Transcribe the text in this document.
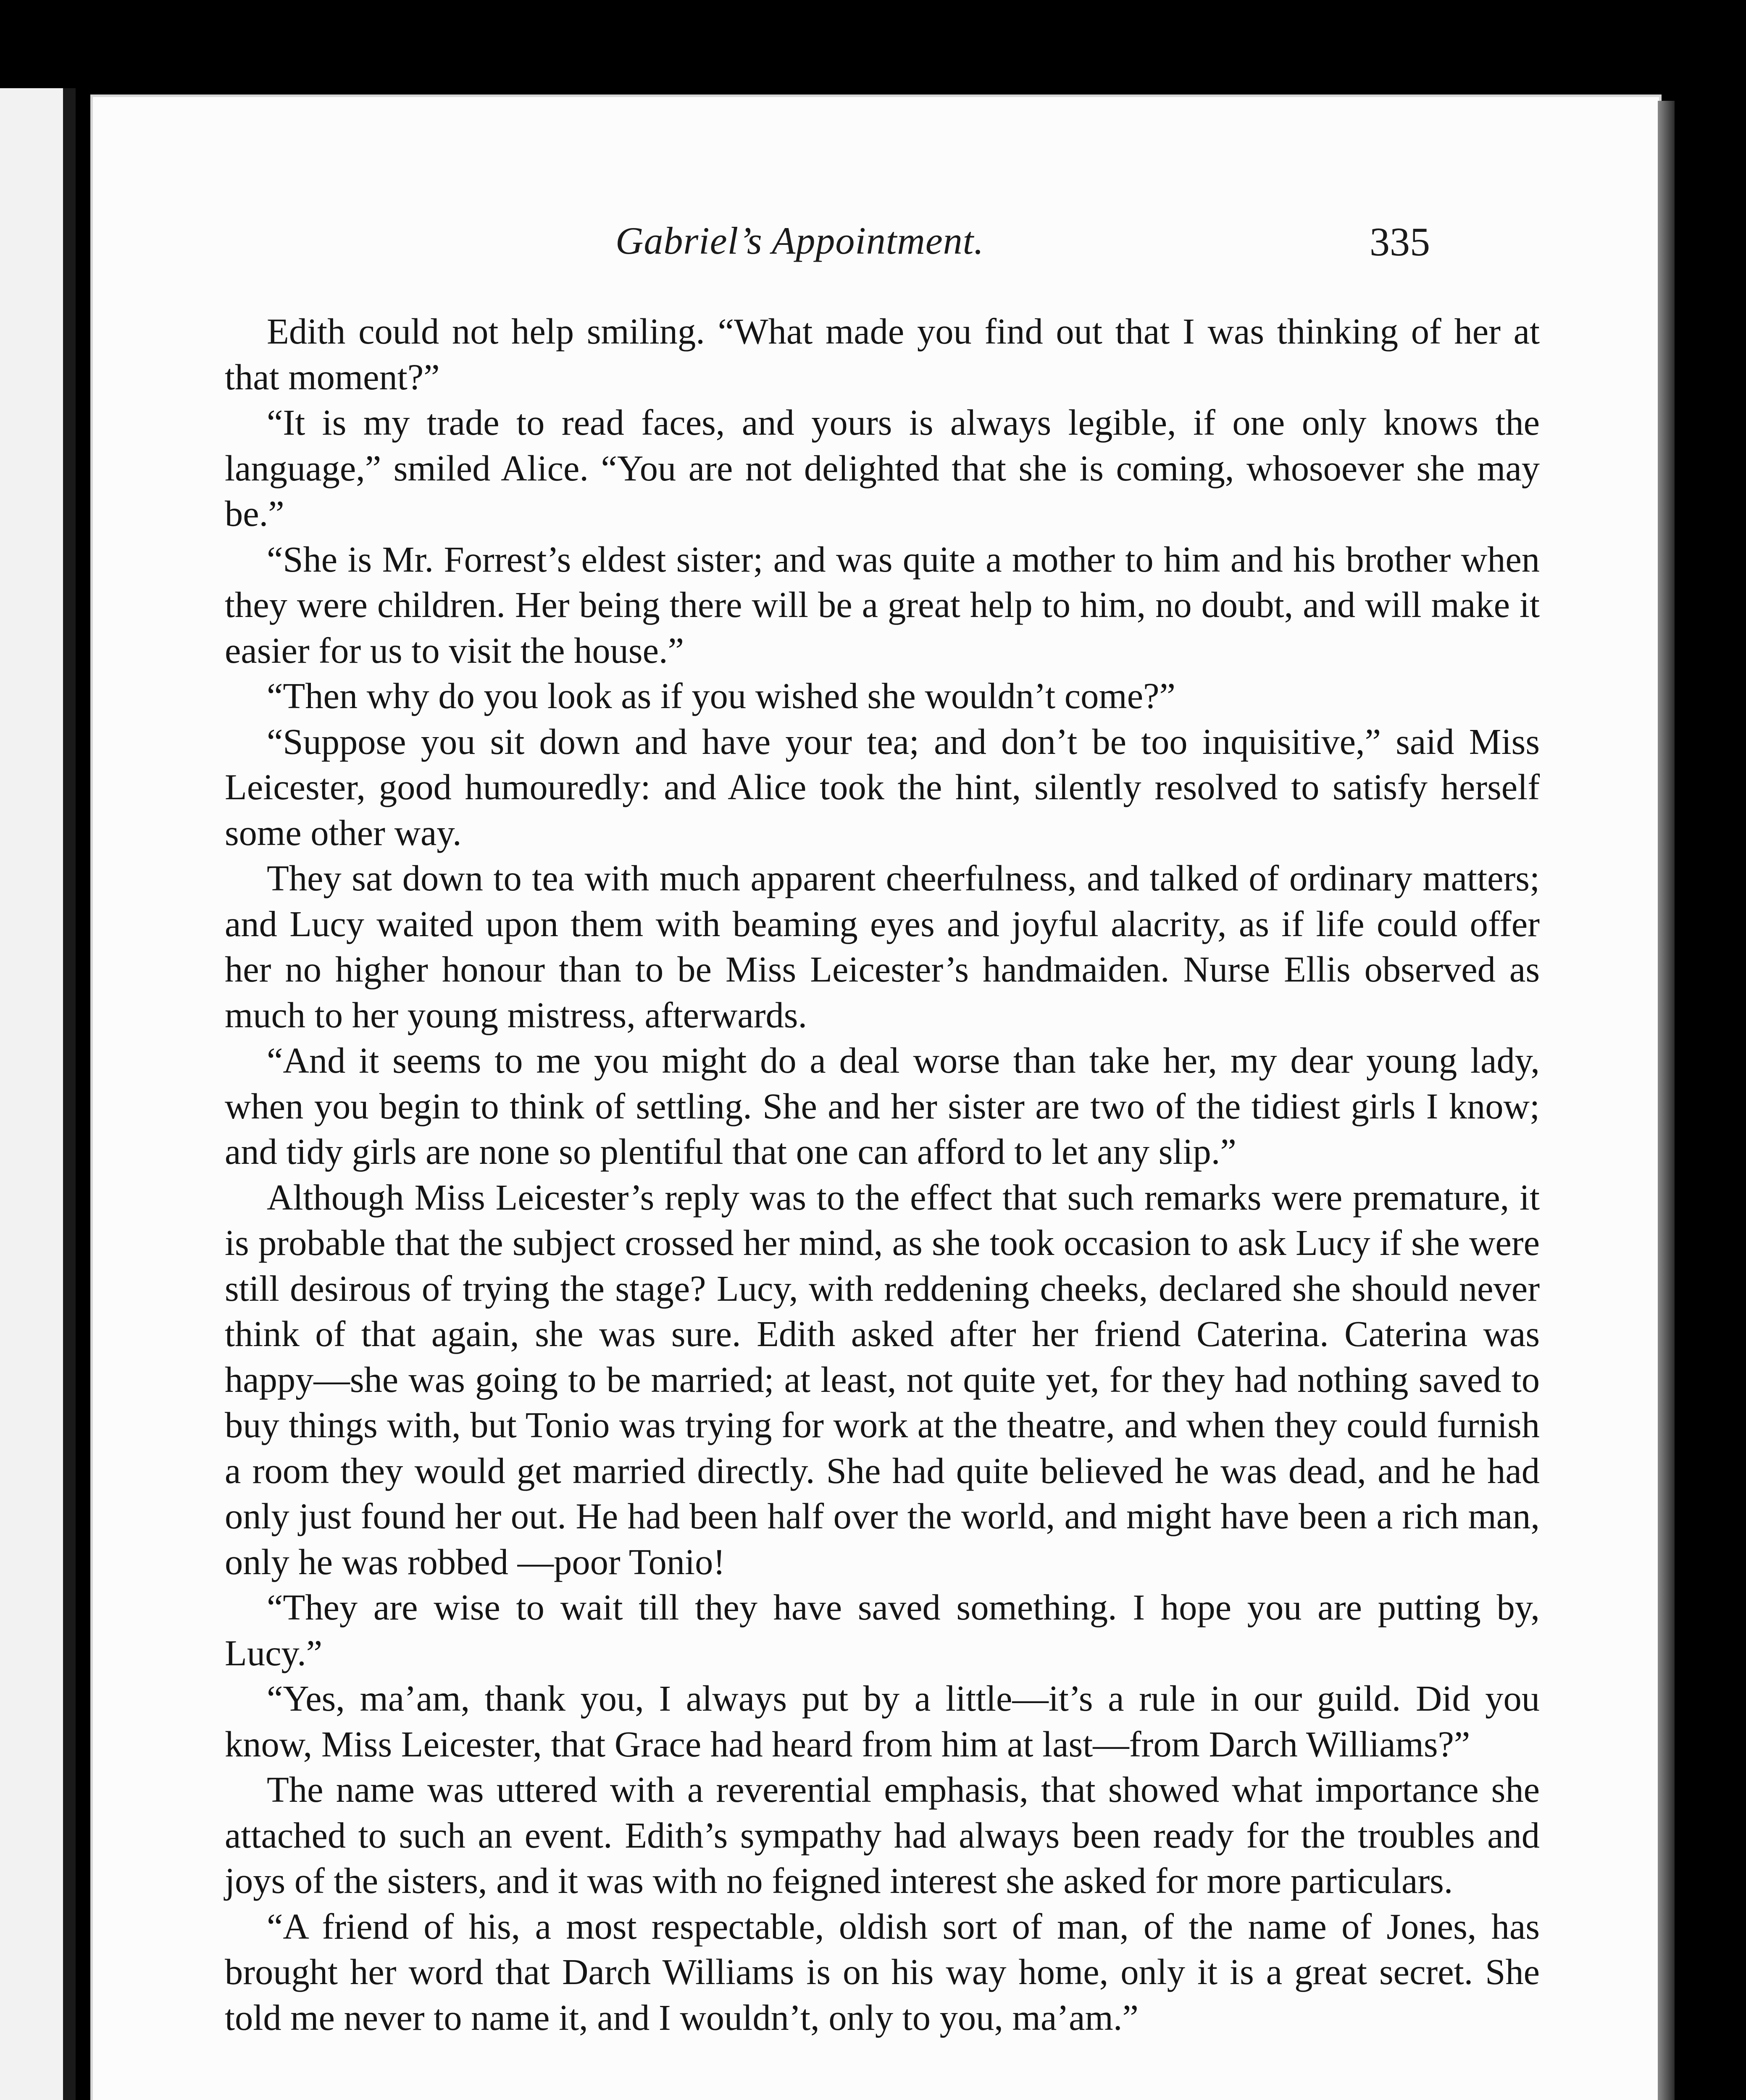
Gabriel’s Appointment.	335

Edith could not help smiling. “What made you find out that I was thinking of her at that moment?”

“It is my trade to read faces, and yours is always legible, if one only knows the language,” smiled Alice. “You are not delighted that she is coming, whosoever she may be.”

“She is Mr. Forrest’s eldest sister; and was quite a mother to him and his brother when they were children. Her being there will be a great help to him, no doubt, and will make it easier for us to visit the house.”

“Then why do you look as if you wished she wouldn’t come?”

“Suppose you sit down and have your tea; and don’t be too inquisitive,” said Miss Leicester, good humouredly: and Alice took the hint, silently resolved to satisfy herself some other way.

They sat down to tea with much apparent cheerfulness, and talked of ordinary matters; and Lucy waited upon them with beaming eyes and joyful alacrity, as if life could offer her no higher honour than to be Miss Leicester’s handmaiden. Nurse Ellis observed as much to her young mistress, afterwards.

“And it seems to me you might do a deal worse than take her, my dear young lady, when you begin to think of settling. She and her sister are two of the tidiest girls I know; and tidy girls are none so plentiful that one can afford to let any slip.”

Although Miss Leicester’s reply was to the effect that such remarks were premature, it is probable that the subject crossed her mind, as she took occasion to ask Lucy if she were still desirous of trying the stage? Lucy, with reddening cheeks, declared she should never think of that again, she was sure. Edith asked after her friend Caterina. Caterina was happy—she was going to be married; at least, not quite yet, for they had nothing saved to buy things with, but Tonio was trying for work at the theatre, and when they could furnish a room they would get married directly. She had quite believed he was dead, and he had only just found her out. He had been half over the world, and might have been a rich man, only he was robbed —poor Tonio!

“They are wise to wait till they have saved something. I hope you are putting by, Lucy.”

“Yes, ma’am, thank you, I always put by a little—it’s a rule in our guild. Did you know, Miss Leicester, that Grace had heard from him at last—from Darch Williams?”

The name was uttered with a reverential emphasis, that showed what importance she attached to such an event. Edith’s sympathy had always been ready for the troubles and joys of the sisters, and it was with no feigned interest she asked for more particulars.

“A friend of his, a most respectable, oldish sort of man, of the name of Jones, has brought her word that Darch Williams is on his way home, only it is a great secret. She told me never to name it, and I wouldn’t, only to you, ma’am.”
